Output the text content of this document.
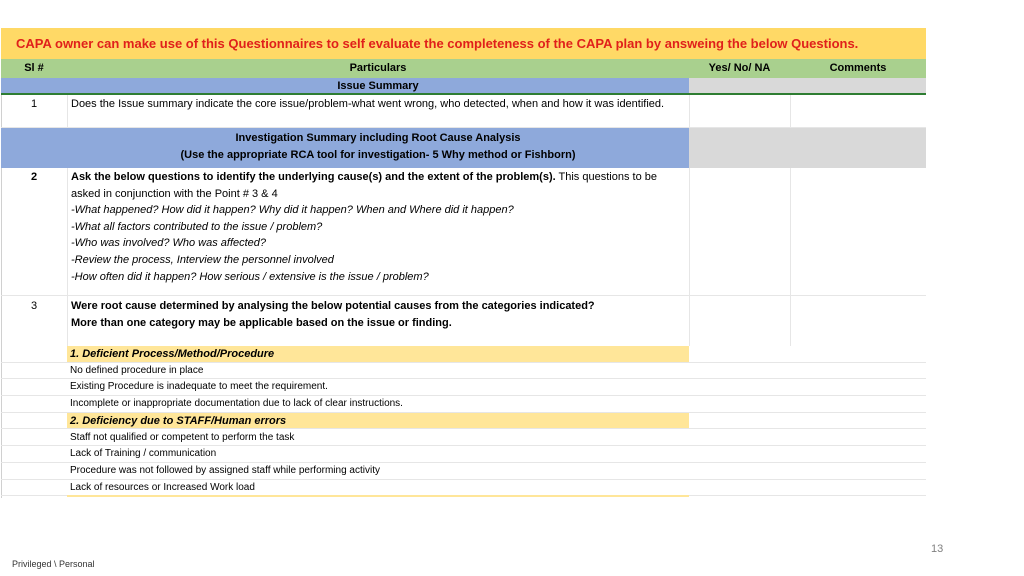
CAPA owner can make use of this Questionnaires to self evaluate the completeness of the CAPA plan by answeing the below Questions.
Sl #	Particulars	Yes/ No/ NA	Comments
Issue Summary
1	Does the Issue summary indicate the core issue/problem-what went wrong, who detected, when and how it was identified.
Investigation Summary including Root Cause Analysis
(Use the appropriate RCA tool for investigation- 5 Why method or Fishborn)
2	Ask the below questions to identify the underlying cause(s) and the extent of the problem(s). This questions to be asked in conjunction with the Point # 3 & 4
-What happened? How did it happen? Why did it happen? When and Where did it happen?
-What all factors contributed to the issue / problem?
-Who was involved? Who was affected?
-Review the process, Interview the personnel involved
-How often did it happen? How serious / extensive is the issue / problem?
3	Were root cause determined by analysing the below potential causes from the categories indicated?
More than one category may be applicable based on the issue or finding.
1. Deficient Process/Method/Procedure
No defined procedure in place
Existing Procedure is inadequate to meet the requirement.
Incomplete or inappropriate documentation due to lack of clear instructions.
2. Deficiency due to STAFF/Human errors
Staff not qualified or competent to perform the task
Lack of Training / communication
Procedure was not followed by assigned staff while performing activity
Lack of resources or Increased Work load
13
Privileged \ Personal
